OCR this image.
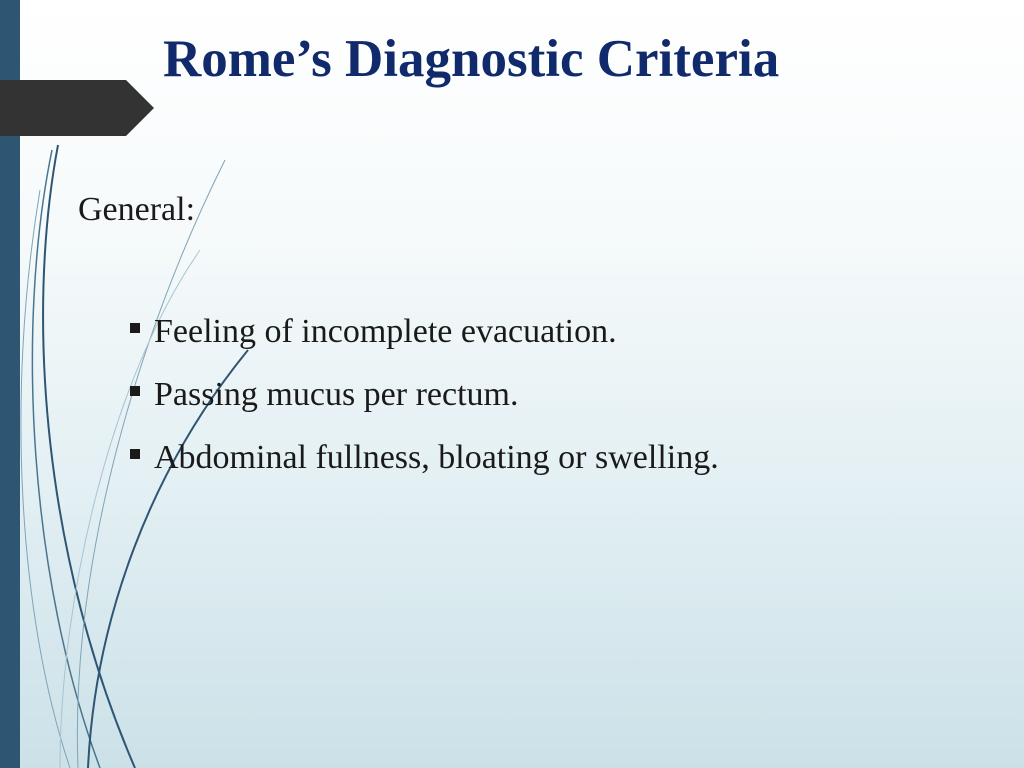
Rome’s Diagnostic Criteria

General:

Feeling of incomplete evacuation.
Passing mucus per rectum.
Abdominal fullness, bloating or swelling.
